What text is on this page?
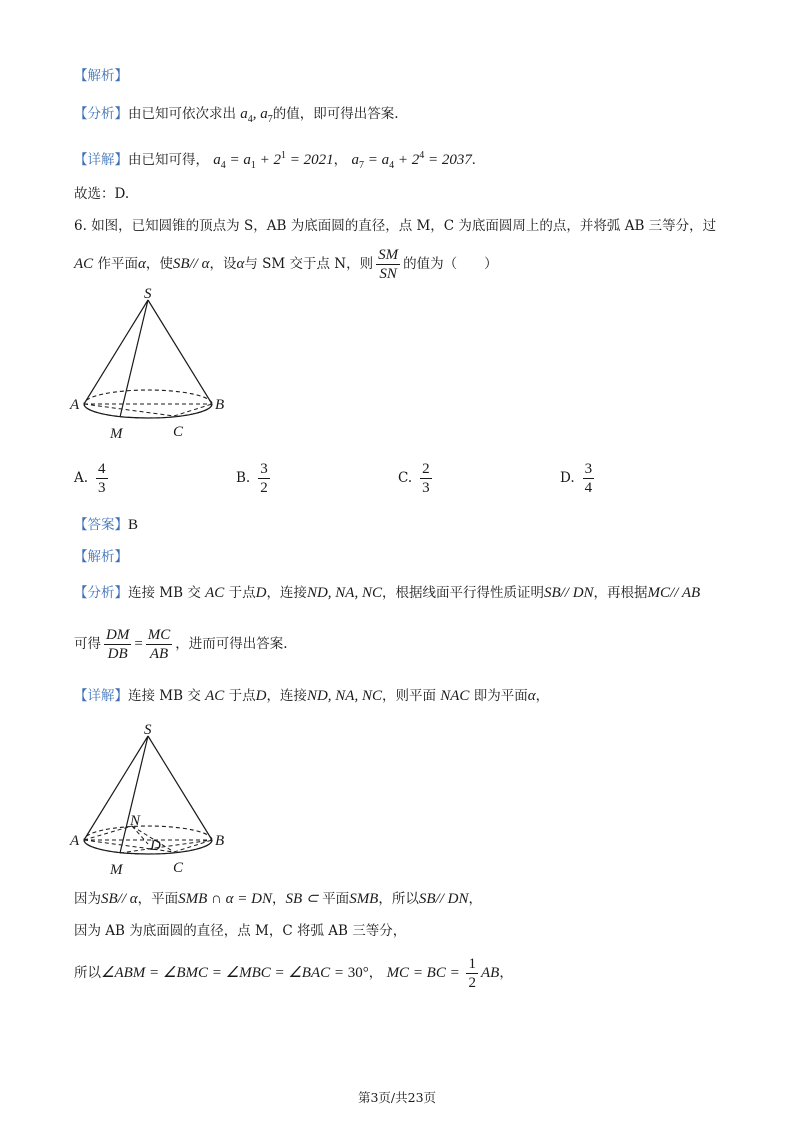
【解析】
【分析】由已知可依次求出 $a_4$, $a_7$的值，即可得出答案.
【详解】由已知可得， $a_4 = a_1 + 2^1 = 2021$， $a_7 = a_4 + 2^4 = 2037$.
故选：D.
6. 如图，已知圆锥的顶点为 S，AB 为底面圆的直径，点 M，C 为底面圆周上的点，并将弧 AB 三等分，过
AC 作平面α，使SB// α，设α与 SM 交于点 N，则 $\frac{SM}{SN}$ 的值为（　　）
S
A	B
M	C
A. $\frac{4}{3}$	B. $\frac{3}{2}$	C. $\frac{2}{3}$	D. $\frac{3}{4}$
【答案】B
【解析】
【分析】连接 MB 交 AC 于点D，连接ND, NA, NC，根据线面平行得性质证明SB// DN，再根据MC// AB
可得 $\frac{DM}{DB} = \frac{MC}{AB}$ ，进而可得出答案.
【详解】连接 MB 交 AC 于点D，连接ND, NA, NC，则平面 NAC 即为平面α，
S
A	B
M	C
N
D
因为SB// α，平面SMB ∩ α = DN，SB ⊂ 平面SMB，所以SB// DN，
因为 AB 为底面圆的直径，点 M，C 将弧 AB 三等分，
所以∠ABM = ∠BMC = ∠MBC = ∠BAC = 30°， MC = BC = $\frac{1}{2}$ AB，
第3页/共23页
